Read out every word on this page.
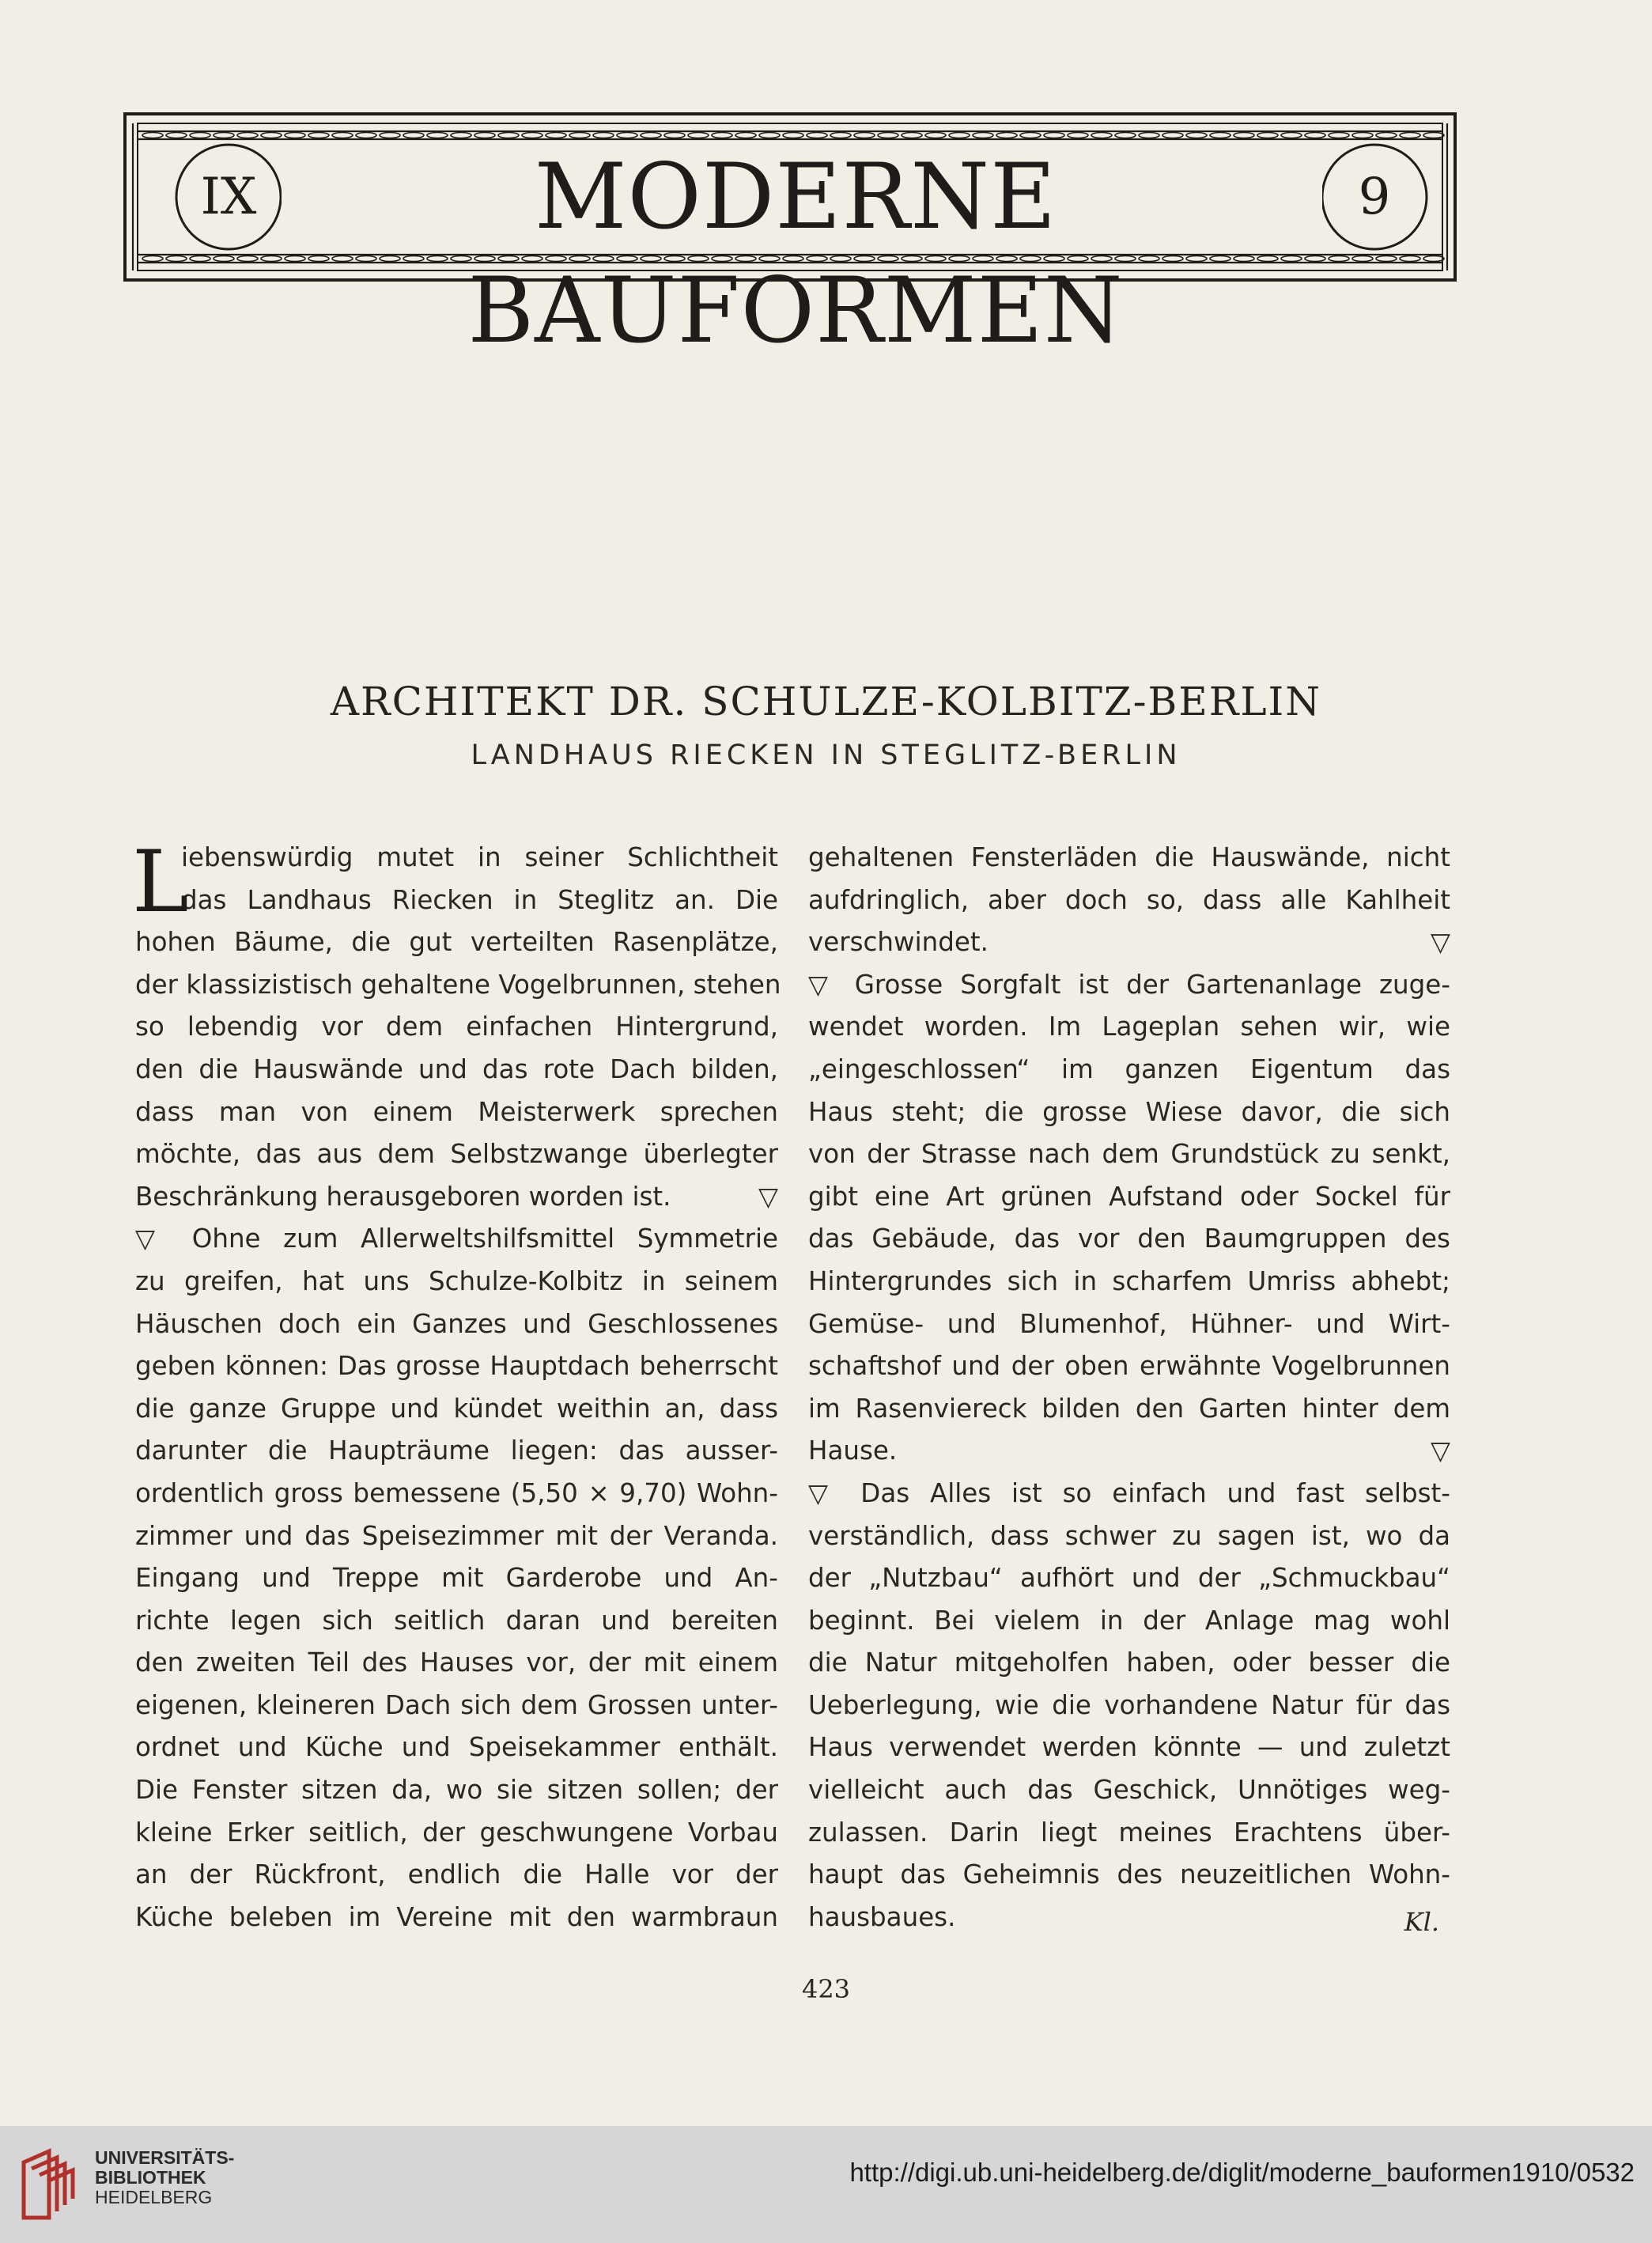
IX	MODERNE BAUFORMEN
9
ARCHITEKT DR. SCHULZE-KOLBITZ-BERLIN
LANDHAUS RIECKEN IN STEGLITZ-BERLIN
L
iebenswürdig mutet in seiner Schlichtheit
das Landhaus Riecken in Steglitz an. Die
hohen Bäume, die gut verteilten Rasenplätze,
der klassizistisch gehaltene Vogelbrunnen, stehen
so lebendig vor dem einfachen Hintergrund,
den die Hauswände und das rote Dach bilden,
dass man von einem Meisterwerk sprechen
möchte, das aus dem Selbstzwange überlegter
Beschränkung herausgeboren worden ist.	▽
▽ Ohne zum Allerweltshilfsmittel Symmetrie
zu greifen, hat uns Schulze-Kolbitz in seinem
Häuschen doch ein Ganzes und Geschlossenes
geben können: Das grosse Hauptdach beherrscht
die ganze Gruppe und kündet weithin an, dass
darunter die Haupträume liegen: das ausser-
ordentlich gross bemessene (5,50 × 9,70) Wohn-
zimmer und das Speisezimmer mit der Veranda.
Eingang und Treppe mit Garderobe und An-
richte legen sich seitlich daran und bereiten
den zweiten Teil des Hauses vor, der mit einem
eigenen, kleineren Dach sich dem Grossen unter-
ordnet und Küche und Speisekammer enthält.
Die Fenster sitzen da, wo sie sitzen sollen; der
kleine Erker seitlich, der geschwungene Vorbau
an der Rückfront, endlich die Halle vor der
Küche beleben im Vereine mit den warmbraun
gehaltenen Fensterläden die Hauswände, nicht
aufdringlich, aber doch so, dass alle Kahlheit
verschwindet.	▽
▽ Grosse Sorgfalt ist der Gartenanlage zuge-
wendet worden. Im Lageplan sehen wir, wie
„eingeschlossen“ im ganzen Eigentum das
Haus steht; die grosse Wiese davor, die sich
von der Strasse nach dem Grundstück zu senkt,
gibt eine Art grünen Aufstand oder Sockel für
das Gebäude, das vor den Baumgruppen des
Hintergrundes sich in scharfem Umriss abhebt;
Gemüse- und Blumenhof, Hühner- und Wirt-
schaftshof und der oben erwähnte Vogelbrunnen
im Rasenviereck bilden den Garten hinter dem
Hause.	▽
▽ Das Alles ist so einfach und fast selbst-
verständlich, dass schwer zu sagen ist, wo da
der „Nutzbau“ aufhört und der „Schmuckbau“
beginnt. Bei vielem in der Anlage mag wohl
die Natur mitgeholfen haben, oder besser die
Ueberlegung, wie die vorhandene Natur für das
Haus verwendet werden könnte — und zuletzt
vielleicht auch das Geschick, Unnötiges weg-
zulassen. Darin liegt meines Erachtens über-
haupt das Geheimnis des neuzeitlichen Wohn-
hausbaues.	Kl.
423
UNIVERSITÄTS-
BIBLIOTHEK
HEIDELBERG
http://digi.ub.uni-heidelberg.de/diglit/moderne_bauformen1910/0532
